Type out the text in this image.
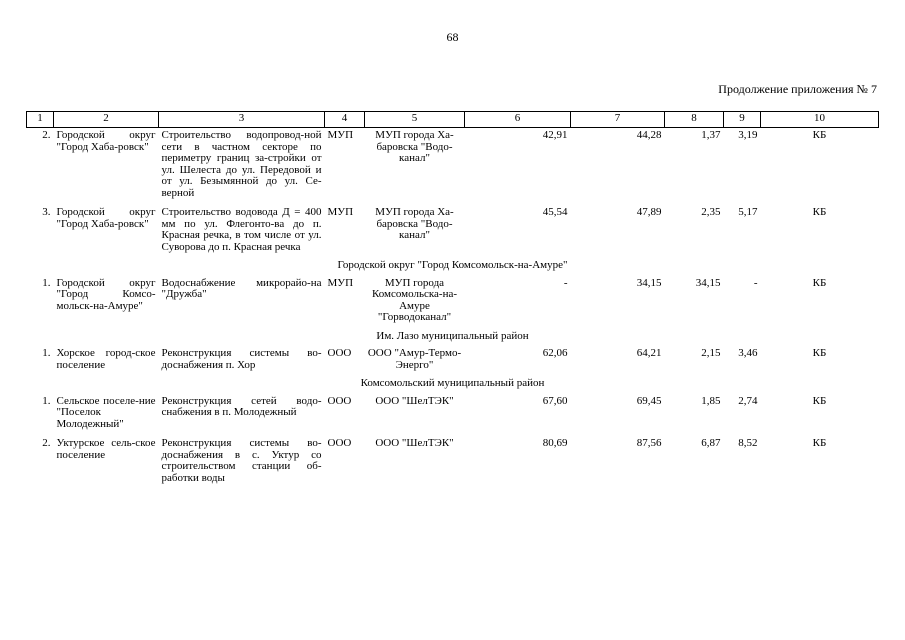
68
Продолжение приложения № 7
1	2	3	4	5	6	7	8	9	10
2.	Городской округ "Город Хаба-ровск"	Строительство водопровод-ной сети в частном секторе по периметру границ за-стройки от ул. Шелеста до ул. Передовой и от ул. Безымянной до ул. Се-верной	МУП	МУП города Ха-баровска "Водо-канал"	42,91	44,28	1,37	3,19	КБ
3.	Городской округ "Город Хаба-ровск"	Строительство водовода Д = 400 мм по ул. Флегонто-ва до п. Красная речка, в том числе от ул. Суворова до п. Красная речка	МУП	МУП города Ха-баровска "Водо-канал"	45,54	47,89	2,35	5,17	КБ
Городской округ "Город Комсомольск-на-Амуре"									
1.	Городской округ "Город Комсо-мольск-на-Амуре"	Водоснабжение микрорайо-на "Дружба"	МУП	МУП города Комсомольска-на-Амуре "Горводоканал"	-	34,15	34,15	-	КБ
Им. Лазо муниципальный район									
1.	Хорское город-ское поселение	Реконструкция системы во-доснабжения п. Хор	ООО	ООО "Амур-Термо-Энерго"	62,06	64,21	2,15	3,46	КБ
Комсомольский муниципальный район									
1.	Сельское поселе-ние "Поселок Молодежный"	Реконструкция сетей водо-снабжения в п. Молодежный	ООО	ООО "ШелТЭК"	67,60	69,45	1,85	2,74	КБ
2.	Уктурское сель-ское поселение	Реконструкция системы во-доснабжения в с. Уктур со строительством станции об-работки воды	ООО	ООО "ШелТЭК"	80,69	87,56	6,87	8,52	КБ
